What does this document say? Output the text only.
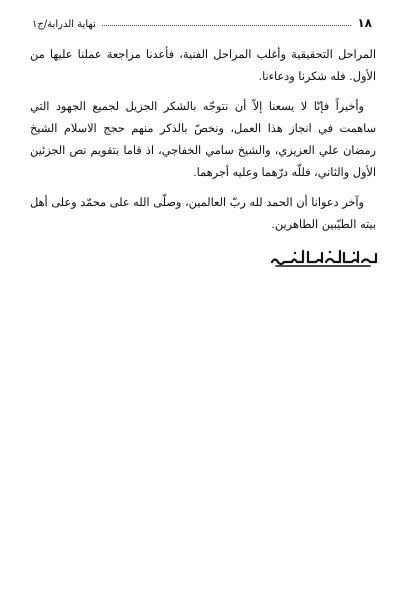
١٨
نهاية الدراية/ج١

المراحل التحقيقية وأغلب المراحل الفنية، فأعدنا مراجعة عملنا عليها من الأول. فله شكرنا ودعاءنا.

وأخيراً فإنّا لا يسعنا إلاّ أن نتوجّه بالشكر الجزيل لجميع الجهود التي ساهمت في انجاز هذا العمل، ونخصّ بالذكر منهم حجج الاسلام الشيخ رمضان علي العزيزي، والشيخ سامي الخفاجي، اذ قاما بتقويم نص الجزئين الأول والثاني، فللّه درّهما وعليه أجرهما.

وآخر دعوانا أن الحمد لله ربّ العالمين، وصلّى الله على محمّد وعلى أهل بيته الطيّبين الطاهرين.
